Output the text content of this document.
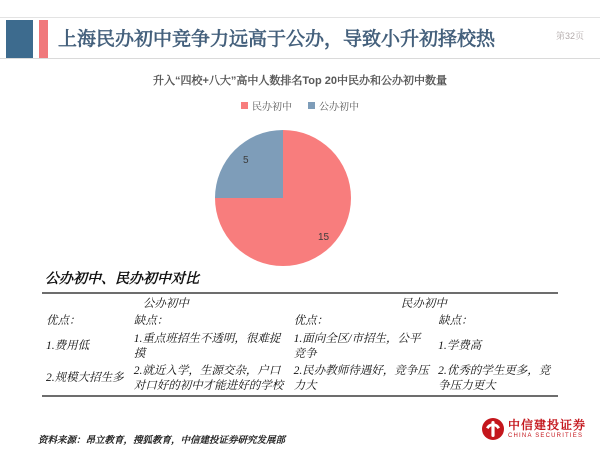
上海民办初中竞争力远高于公办，导致小升初择校热	第32页
升入“四校+八大”高中人数排名Top 20中民办和公办初中数量
民办初中	公办初中
15
5
公办初中、民办初中对比
公办初中		民办初中	
优点：	缺点：	优点：	缺点：
1.费用低	1.重点班招生不透明，很难捉摸	1.面向全区/市招生，公平竞争	1.学费高
2.规模大招生多	2.就近入学，生源交杂，户口对口好的初中才能进好的学校	2.民办教师待遇好，竞争压力大	2.优秀的学生更多，竞争压力更大
资料来源：昂立教育，搜狐教育，中信建投证券研究发展部
中信建投证券
CHINA SECURITIES
